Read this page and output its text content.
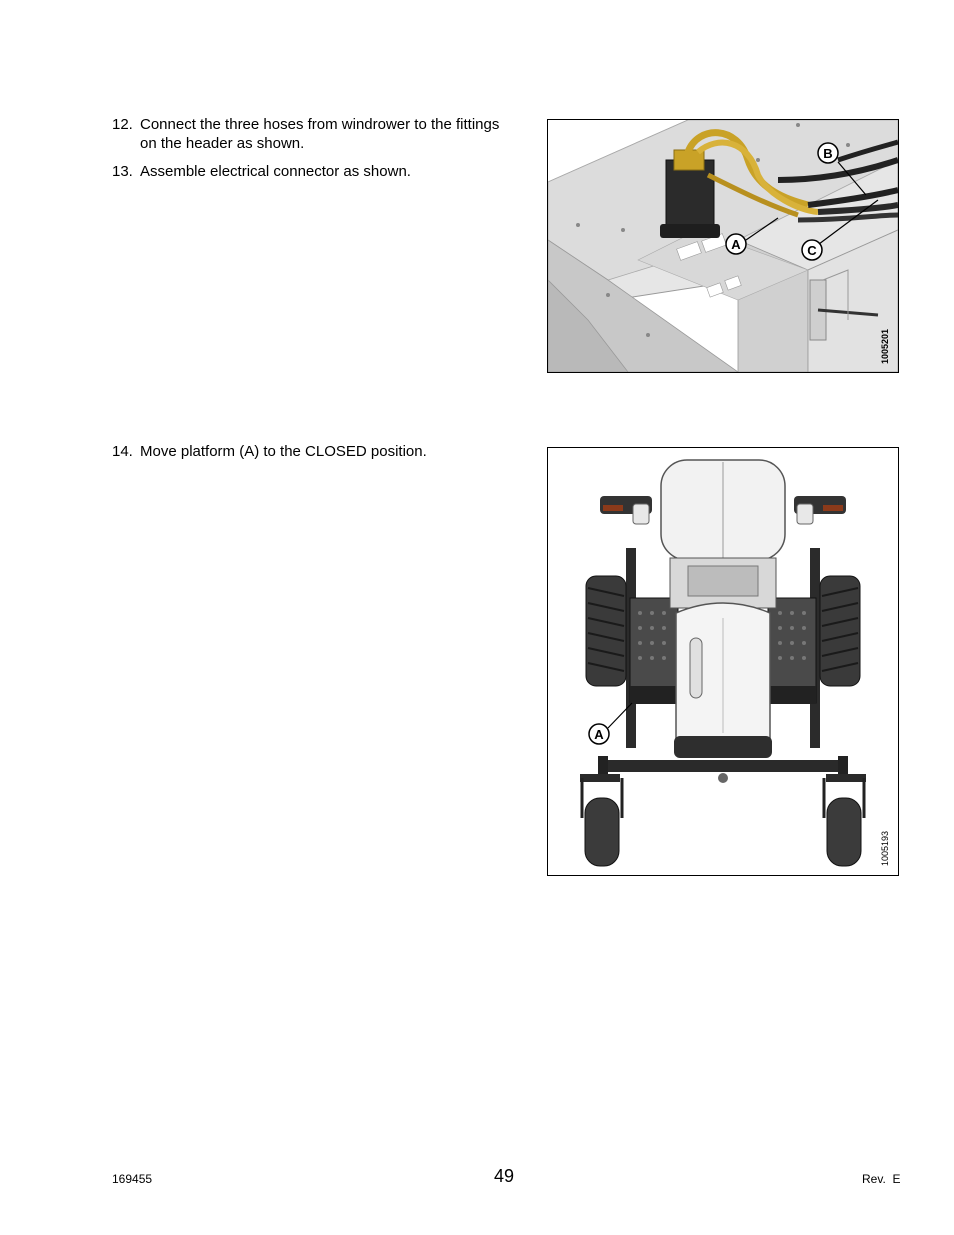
12. Connect the three hoses from windrower to the fittings
on the header as shown.
13. Assemble electrical connector as shown.
14. Move platform (A) to the CLOSED position.
A
B
C
1005201
A
1005193
169455	49	Rev.  E
